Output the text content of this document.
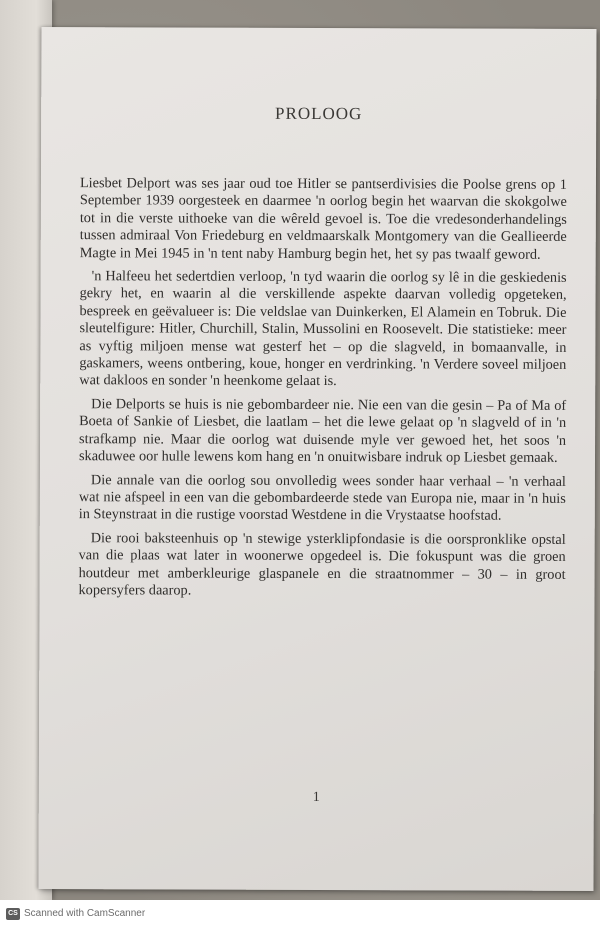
PROLOOG

Liesbet Delport was ses jaar oud toe Hitler se pantserdivisies die Poolse grens op 1 September 1939 oorgesteek en daarmee 'n oorlog begin het waarvan die skokgolwe tot in die verste uithoeke van die wêreld gevoel is. Toe die vredesonderhandelings tussen admiraal Von Friedeburg en veldmaarskalk Montgomery van die Geallieerde Magte in Mei 1945 in 'n tent naby Hamburg begin het, het sy pas twaalf geword.

'n Halfeeu het sedertdien verloop, 'n tyd waarin die oorlog sy lê in die geskiedenis gekry het, en waarin al die verskillende aspekte daarvan volledig opgeteken, bespreek en geëvalueer is: Die veldslae van Duinkerken, El Alamein en Tobruk. Die sleutelfigure: Hitler, Churchill, Stalin, Mussolini en Roosevelt. Die statistieke: meer as vyftig miljoen mense wat gesterf het – op die slagveld, in bomaanvalle, in gaskamers, weens ontbering, koue, honger en verdrinking. 'n Verdere soveel miljoen wat dakloos en sonder 'n heenkome gelaat is.

Die Delports se huis is nie gebombardeer nie. Nie een van die gesin – Pa of Ma of Boeta of Sankie of Liesbet, die laatlam – het die lewe gelaat op 'n slagveld of in 'n strafkamp nie. Maar die oorlog wat duisende myle ver gewoed het, het soos 'n skaduwee oor hulle lewens kom hang en 'n onuitwisbare indruk op Liesbet gemaak.

Die annale van die oorlog sou onvolledig wees sonder haar verhaal – 'n verhaal wat nie afspeel in een van die gebombardeerde stede van Europa nie, maar in 'n huis in Steynstraat in die rustige voorstad Westdene in die Vrystaatse hoofstad.

Die rooi baksteenhuis op 'n stewige ysterklipfondasie is die oorspronklike opstal van die plaas wat later in woonerwe opgedeel is. Die fokuspunt was die groen houtdeur met amberkleurige glaspanele en die straatnommer – 30 – in groot kopersyfers daarop.

1
CS Scanned with CamScanner
